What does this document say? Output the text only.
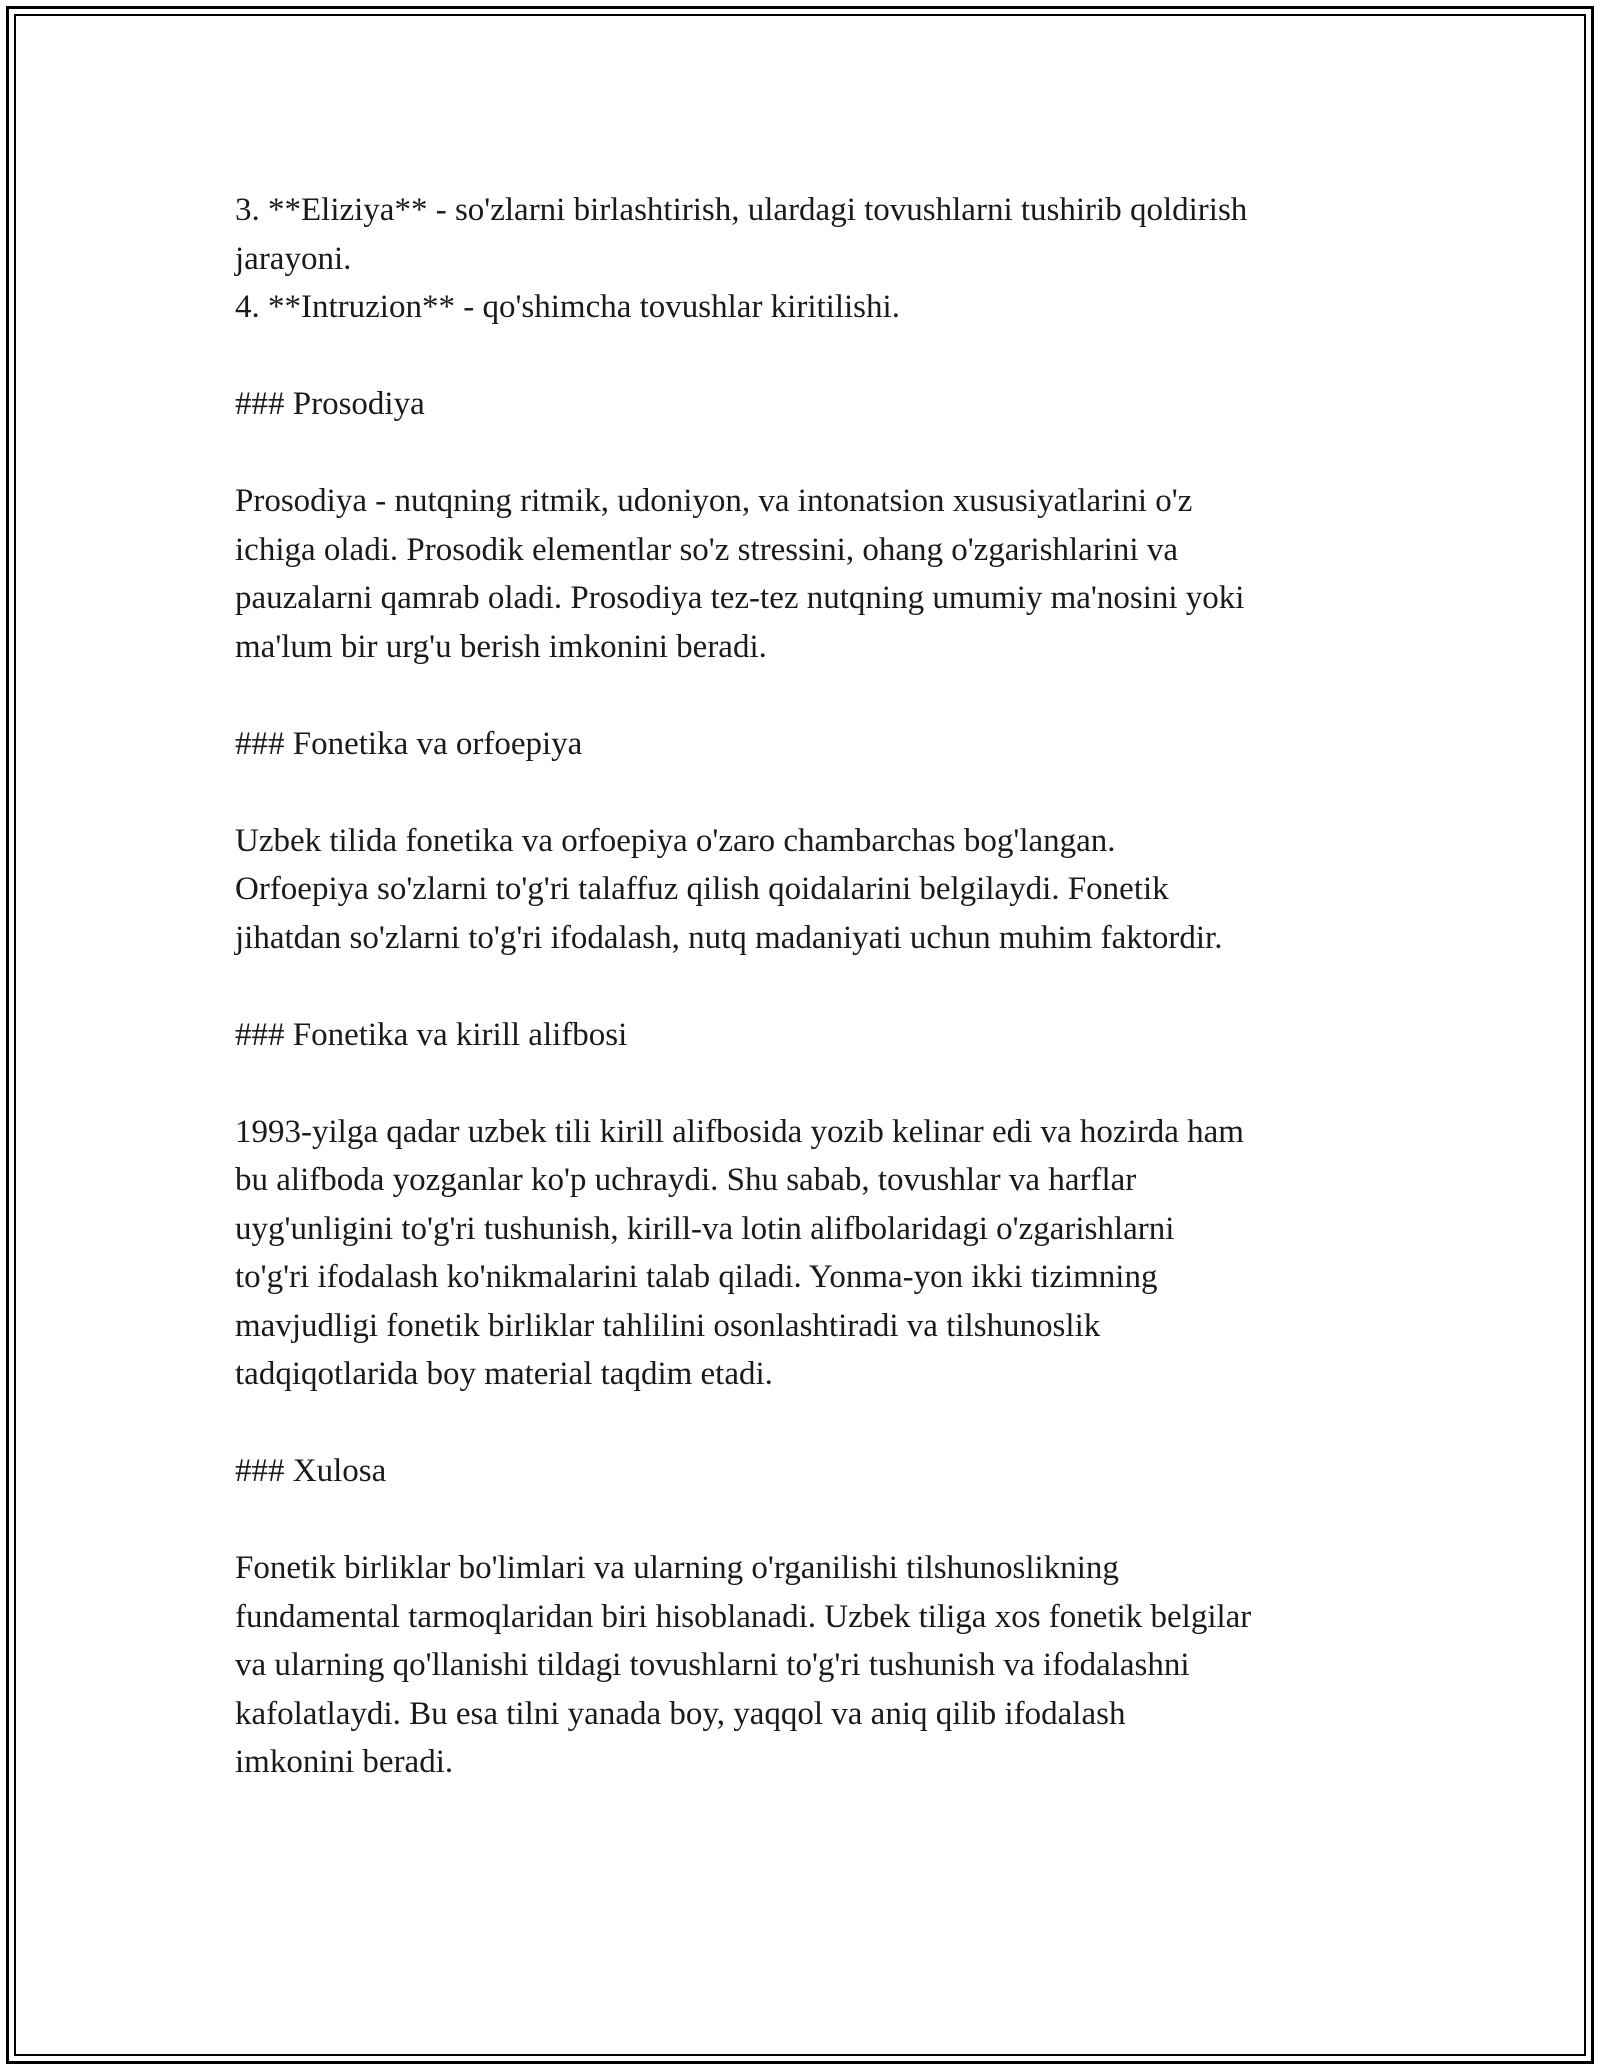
3. **Eliziya** - so'zlarni birlashtirish, ulardagi tovushlarni tushirib qoldirish

jarayoni.

4. **Intruzion** - qo'shimcha tovushlar kiritilishi.

### Prosodiya

Prosodiya - nutqning ritmik, udoniyon, va intonatsion xususiyatlarini o'z

ichiga oladi. Prosodik elementlar so'z stressini, ohang o'zgarishlarini va

pauzalarni qamrab oladi. Prosodiya tez-tez nutqning umumiy ma'nosini yoki

ma'lum bir urg'u berish imkonini beradi.

### Fonetika va orfoepiya

Uzbek tilida fonetika va orfoepiya o'zaro chambarchas bog'langan.

Orfoepiya so'zlarni to'g'ri talaffuz qilish qoidalarini belgilaydi. Fonetik

jihatdan so'zlarni to'g'ri ifodalash, nutq madaniyati uchun muhim faktordir.

### Fonetika va kirill alifbosi

1993-yilga qadar uzbek tili kirill alifbosida yozib kelinar edi va hozirda ham

bu alifboda yozganlar ko'p uchraydi. Shu sabab, tovushlar va harflar

uyg'unligini to'g'ri tushunish, kirill-va lotin alifbolaridagi o'zgarishlarni

to'g'ri ifodalash ko'nikmalarini talab qiladi. Yonma-yon ikki tizimning

mavjudligi fonetik birliklar tahlilini osonlashtiradi va tilshunoslik

tadqiqotlarida boy material taqdim etadi.

### Xulosa

Fonetik birliklar bo'limlari va ularning o'rganilishi tilshunoslikning

fundamental tarmoqlaridan biri hisoblanadi. Uzbek tiliga xos fonetik belgilar

va ularning qo'llanishi tildagi tovushlarni to'g'ri tushunish va ifodalashni

kafolatlaydi. Bu esa tilni yanada boy, yaqqol va aniq qilib ifodalash

imkonini beradi.
